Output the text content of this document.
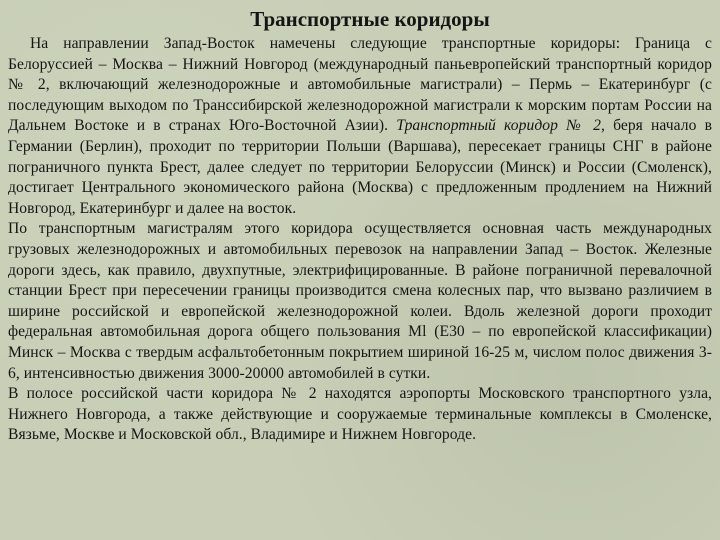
Транспортные коридоры

На направлении Запад-Восток намечены следующие транспортные коридоры: Граница с Белоруссией – Москва – Нижний Новгород (международный паньевропейский транспортный коридор № 2, включающий железнодорожные и автомобильные магистрали) – Пермь – Екатеринбург (с последующим выходом по Транссибирской железнодорожной магистрали к морским портам России на Дальнем Востоке и в странах Юго-Восточной Азии). Транспортный коридор № 2, беря начало в Германии (Берлин), проходит по территории Польши (Варшава), пересекает границы СНГ в районе пограничного пункта Брест, далее следует по территории Белоруссии (Минск) и России (Смоленск), достигает Центрального экономического района (Москва) с предложенным продлением на Нижний Новгород, Екатеринбург и далее на восток.

По транспортным магистралям этого коридора осуществляется основная часть международных грузовых железнодорожных и автомобильных перевозок на направлении Запад – Восток. Железные дороги здесь, как правило, двухпутные, электрифицированные. В районе пограничной перевалочной станции Брест при пересечении границы производится смена колесных пар, что вызвано различием в ширине российской и европейской железнодорожной колеи. Вдоль железной дороги проходит федеральная автомобильная дорога общего пользования Ml (E30 – по европейской классификации) Минск – Москва с твердым асфальтобетонным покрытием шириной 16-25 м, числом полос движения 3-6, интенсивностью движения 3000-20000 автомобилей в сутки.

В полосе российской части коридора № 2 находятся аэропорты Московского транспортного узла, Нижнего Новгорода, а также действующие и сооружаемые терминальные комплексы в Смоленске, Вязьме, Москве и Московской обл., Владимире и Нижнем Новгороде.
